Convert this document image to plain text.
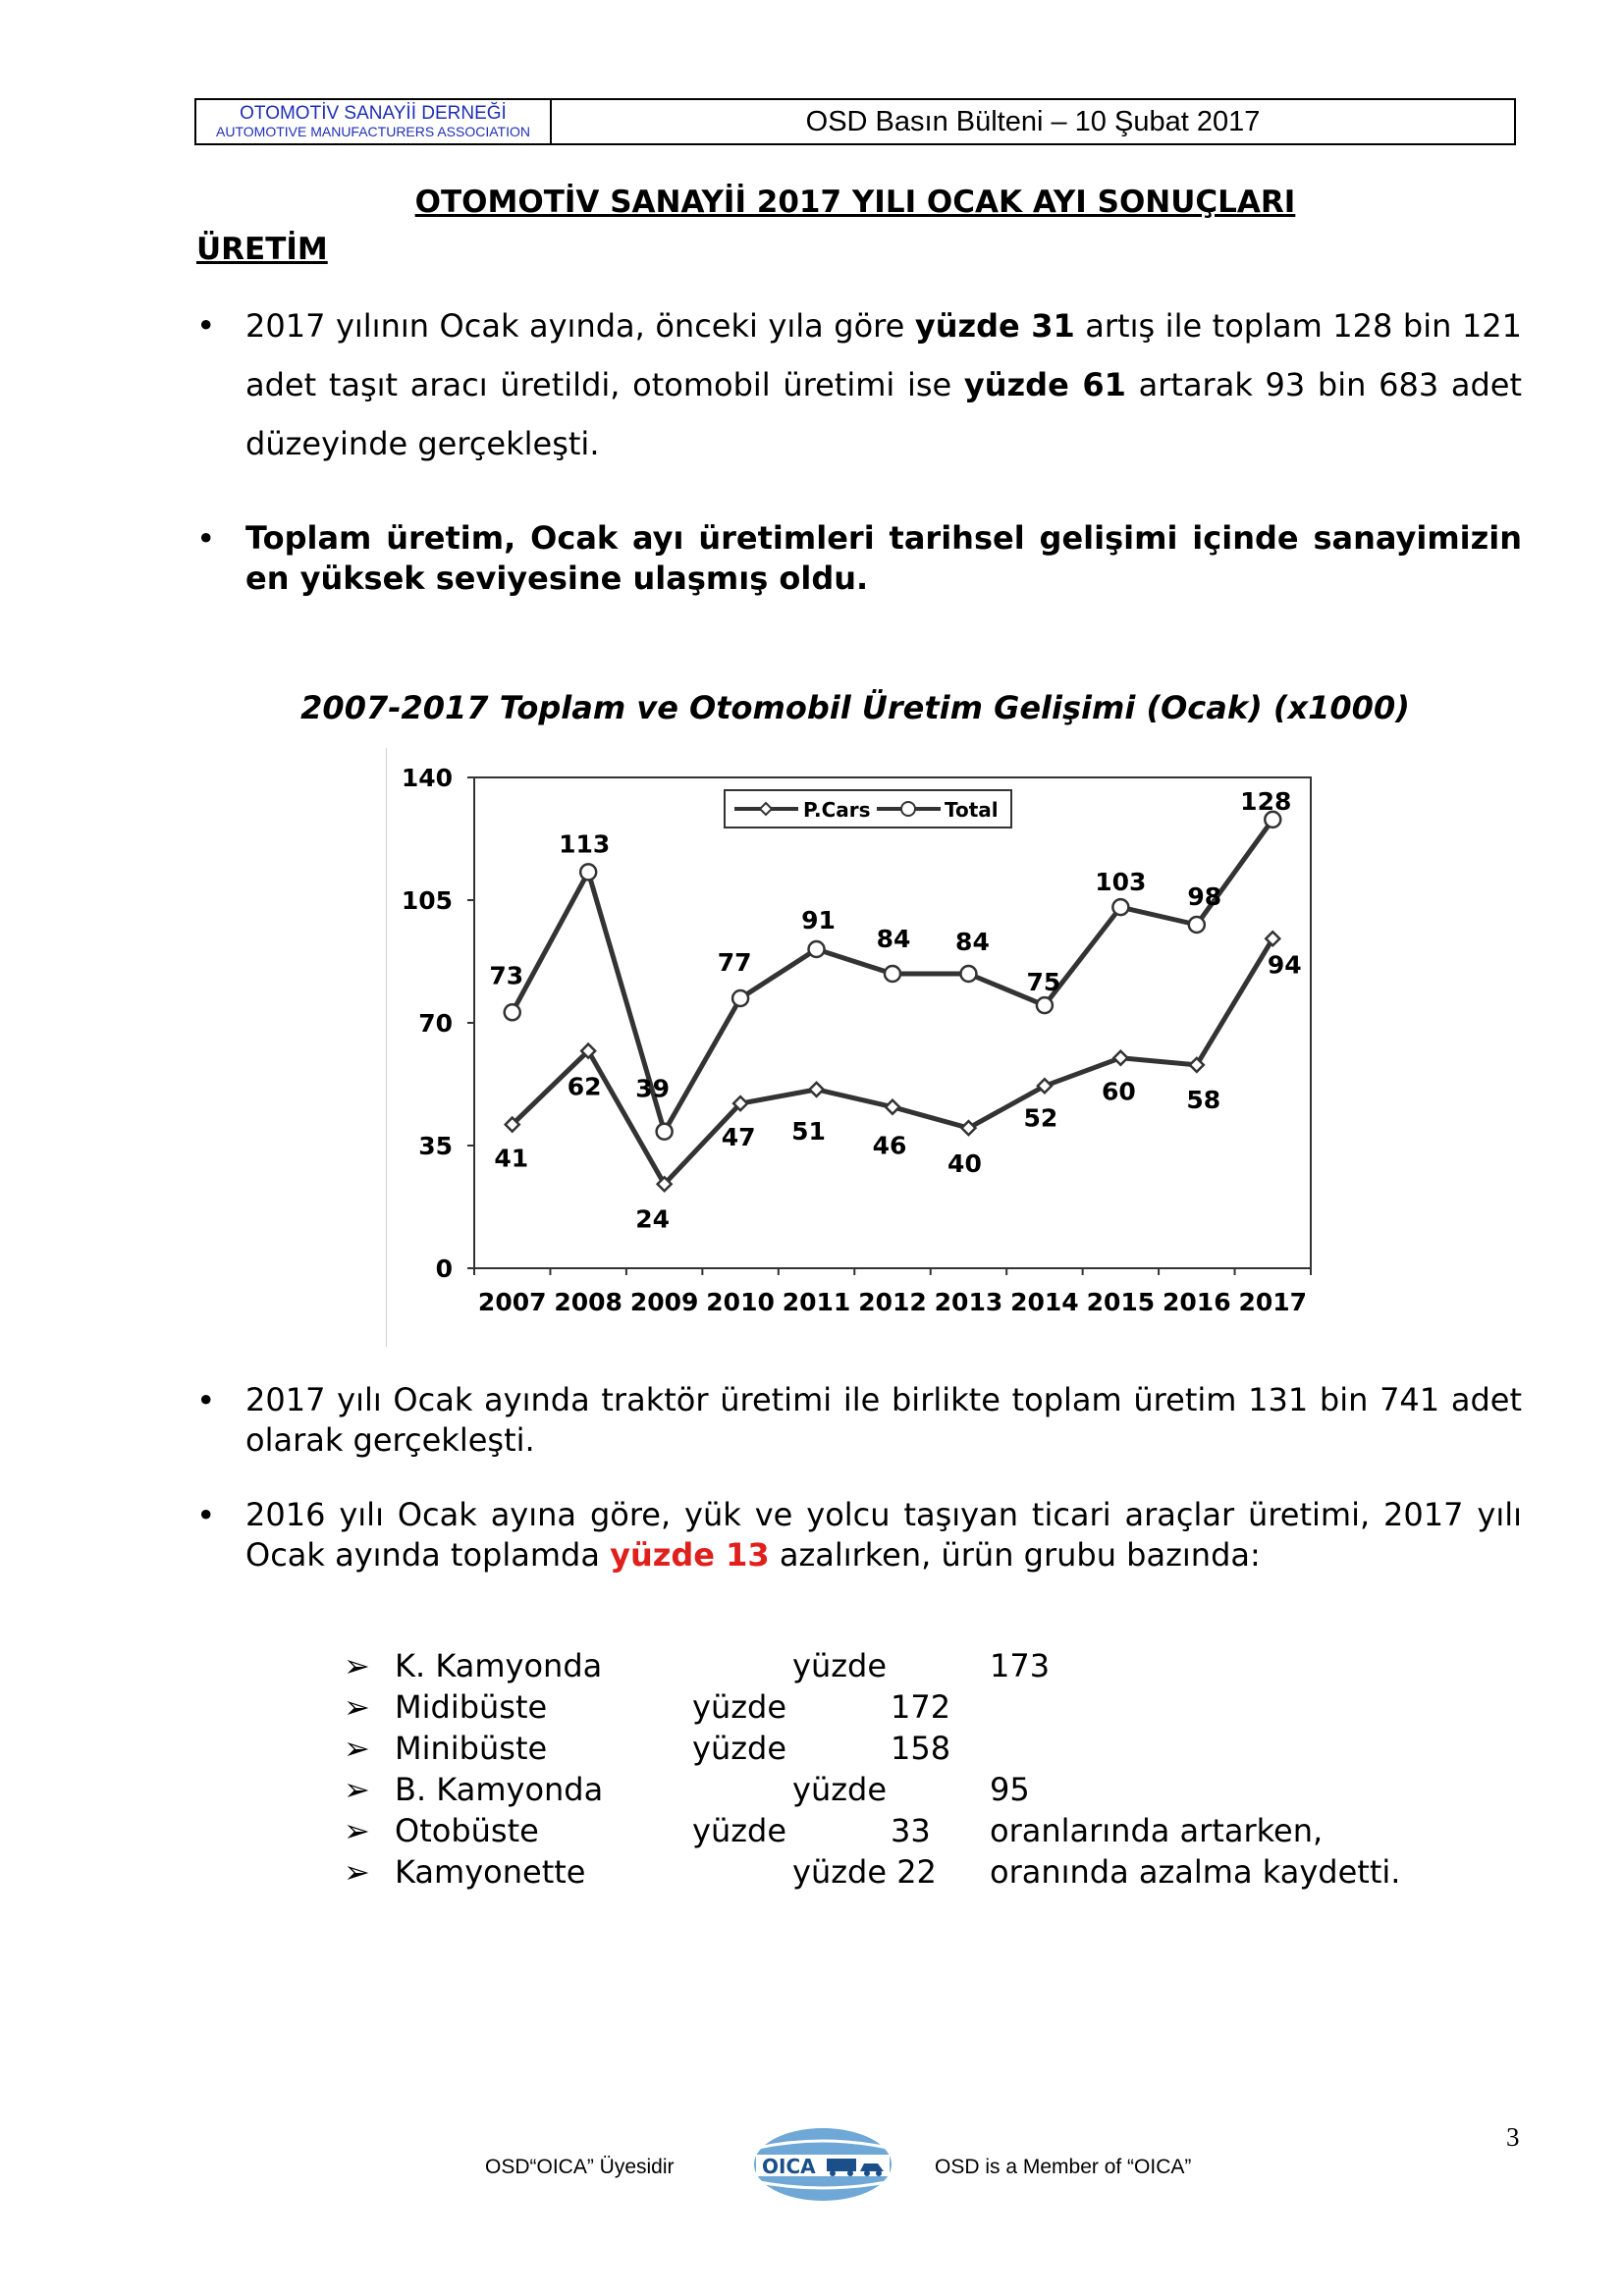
OTOMOTİV SANAYİİ DERNEĞİ
AUTOMOTIVE MANUFACTURERS ASSOCIATION	OSD Basın Bülteni – 10 Şubat 2017
OTOMOTİV SANAYİİ 2017 YILI OCAK AYI SONUÇLARI
ÜRETİM
• 2017 yılının Ocak ayında, önceki yıla göre yüzde 31 artış ile toplam 128 bin 121 adet taşıt aracı üretildi, otomobil üretimi ise yüzde 61 artarak 93 bin 683 adet düzeyinde gerçekleşti.
• Toplam üretim, Ocak ayı üretimleri tarihsel gelişimi içinde sanayimizin en yüksek seviyesine ulaşmış oldu.
2007-2017 Toplam ve Otomobil Üretim Gelişimi (Ocak) (x1000)
0
35
70
105
140
2007 2008 2009 2010 2011 2012 2013 2014 2015 2016 2017
73
113
39
77
91
84 84
75
103
98
128
41
62
24
47 51
46
40
52
60 58
94
P.Cars	Total
• 2017 yılı Ocak ayında traktör üretimi ile birlikte toplam üretim 131 bin 741 adet olarak gerçekleşti.
• 2016 yılı Ocak ayına göre, yük ve yolcu taşıyan ticari araçlar üretimi, 2017 yılı Ocak ayında toplamda yüzde 13 azalırken, ürün grubu bazında:
➢ K. Kamyonda	yüzde	173
➢ Midibüste	yüzde	172
➢ Minibüste	yüzde	158
➢ B. Kamyonda	yüzde	95
➢ Otobüste	yüzde	33 oranlarında artarken,
➢ Kamyonette	yüzde 22 oranında azalma kaydetti.
3
OSD“OICA” Üyesidir	OICA	OSD is a Member of “OICA”
